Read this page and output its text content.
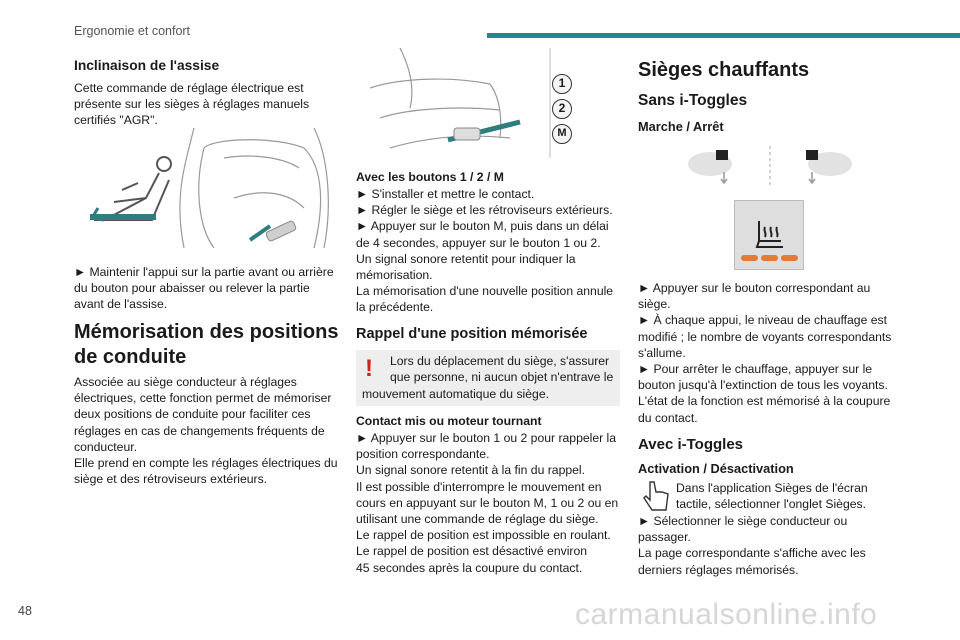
Ergonomie et confort
Inclinaison de l'assise
Cette commande de réglage électrique est
présente sur les sièges à réglages manuels
certifiés "AGR".
► Maintenir l'appui sur la partie avant ou arrière
du bouton pour abaisser ou relever la partie
avant de l'assise.
Mémorisation des positions
de conduite
Associée au siège conducteur à réglages
électriques, cette fonction permet de mémoriser
deux positions de conduite pour faciliter ces
réglages en cas de changements fréquents de
conducteur.
Elle prend en compte les réglages électriques du
siège et des rétroviseurs extérieurs.
1
2
M
Avec les boutons 1 / 2 / M
► S'installer et mettre le contact.
► Régler le siège et les rétroviseurs extérieurs.
► Appuyer sur le bouton M, puis dans un délai
de 4 secondes, appuyer sur le bouton 1 ou 2.
Un signal sonore retentit pour indiquer la
mémorisation.
La mémorisation d'une nouvelle position annule
la précédente.
Rappel d'une position mémorisée
! Lors du déplacement du siège, s'assurer
que personne, ni aucun objet n'entrave le
mouvement automatique du siège.
Contact mis ou moteur tournant
► Appuyer sur le bouton 1 ou 2 pour rappeler la
position correspondante.
Un signal sonore retentit à la fin du rappel.
Il est possible d'interrompre le mouvement en
cours en appuyant sur le bouton M, 1 ou 2 ou en
utilisant une commande de réglage du siège.
Le rappel de position est impossible en roulant.
Le rappel de position est désactivé environ
45 secondes après la coupure du contact.
Sièges chauffants
Sans i-Toggles
Marche / Arrêt
► Appuyer sur le bouton correspondant au
siège.
► À chaque appui, le niveau de chauffage est
modifié ; le nombre de voyants correspondants
s'allume.
► Pour arrêter le chauffage, appuyer sur le
bouton jusqu'à l'extinction de tous les voyants.
L'état de la fonction est mémorisé à la coupure
du contact.
Avec i-Toggles
Activation / Désactivation
Dans l'application Sièges de l'écran
tactile, sélectionner l'onglet Sièges.
► Sélectionner le siège conducteur ou
passager.
La page correspondante s'affiche avec les
derniers réglages mémorisés.
48	carmanualsonline.info
